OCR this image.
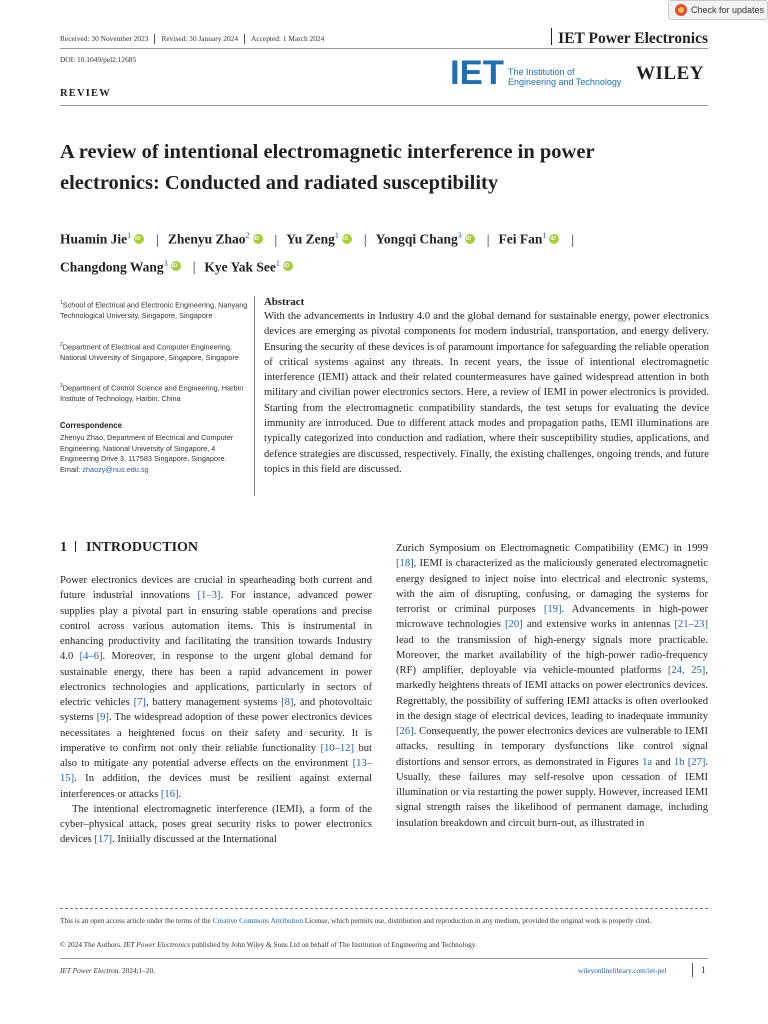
Check for updates
Received: 30 November 2023 Revised: 30 January 2024 Accepted: 1 March 2024	IET Power Electronics
DOI: 10.1049/pel2.12685	IET The Institution of
Engineering and Technology WILEY
REVIEW
A review of intentional electromagnetic interference in power electronics: Conducted and radiated susceptibility
Huamin Jie$^1$ iD | Zhenyu Zhao$^2$ iD | Yu Zeng$^1$ iD | Yongqi Chang$^3$ iD | Fei Fan$^1$iD |
Changdong Wang$^3$ iD | Kye Yak See$^1$iD
$^1$School of Electrical and Electronic Engineering, Nanyang Technological University, Singapore, Singapore
$^2$Department of Electrical and Computer Engineering, National University of Singapore, Singapore, Singapore
$^3$Department of Control Science and Engineering, Harbin Institute of Technology, Harbin, China
Correspondence
Zhenyu Zhao, Department of Electrical and Computer Engineering, National University of Singapore, 4 Engineering Drive 3, 117583 Singapore, Singapore.
Email: zhaozy@nus.edu.sg
Abstract
With the advancements in Industry 4.0 and the global demand for sustainable energy, power electronics devices are emerging as pivotal components for modern industrial, transportation, and energy delivery. Ensuring the security of these devices is of paramount importance for safeguarding the reliable operation of critical systems against any threats. In recent years, the issue of intentional electromagnetic interference (IEMI) attack and their related countermeasures have gained widespread attention in both military and civilian power electronics sectors. Here, a review of IEMI in power electronics is provided. Starting from the electromagnetic compatibility standards, the test setups for evaluating the device immunity are introduced. Due to different attack modes and propagation paths, IEMI illuminations are typically categorized into conduction and radiation, where their susceptibility studies, applications, and defence strategies are discussed, respectively. Finally, the existing challenges, ongoing trends, and future topics in this field are discussed.
1 INTRODUCTION

Power electronics devices are crucial in spearheading both current and future industrial innovations [1–3]. For instance, advanced power supplies play a pivotal part in ensuring stable operations and precise control across various automation items. This is instrumental in enhancing productivity and facilitating the transition towards Industry 4.0 [4–6]. Moreover, in response to the urgent global demand for sustainable energy, there has been a rapid advancement in power electronics technologies and applications, particularly in sectors of electric vehicles [7], battery management systems [8], and photovoltaic systems [9]. The widespread adoption of these power electronics devices necessitates a heightened focus on their safety and security. It is imperative to confirm not only their reliable functionality [10–12] but also to mitigate any potential adverse effects on the environment [13–15]. In addition, the devices must be resilient against external interferences or attacks [16].

The intentional electromagnetic interference (IEMI), a form of the cyber–physical attack, poses great security risks to power electronics devices [17]. Initially discussed at the International

Zurich Symposium on Electromagnetic Compatibility (EMC) in 1999 [18], IEMI is characterized as the maliciously generated electromagnetic energy designed to inject noise into electrical and electronic systems, with the aim of disrupting, confusing, or damaging the systems for terrorist or criminal purposes [19]. Advancements in high-power microwave technologies [20] and extensive works in antennas [21–23] lead to the transmission of high-energy signals more practicable. Moreover, the market availability of the high-power radio-frequency (RF) amplifier, deployable via vehicle-mounted platforms [24, 25], markedly heightens threats of IEMI attacks on power electronics devices. Regrettably, the possibility of suffering IEMI attacks is often overlooked in the design stage of electrical devices, leading to inadequate immunity [26]. Consequently, the power electronics devices are vulnerable to IEMI attacks, resulting in temporary dysfunctions like control signal distortions and sensor errors, as demonstrated in Figures 1a and 1b [27]. Usually, these failures may self-resolve upon cessation of IEMI illumination or via restarting the power supply. However, increased IEMI signal strength raises the likelihood of permanent damage, including insulation breakdown and circuit burn-out, as illustrated in

This is an open access article under the terms of the Creative Commons Attribution License, which permits use, distribution and reproduction in any medium, provided the original work is properly cited.
© 2024 The Authors. IET Power Electronics published by John Wiley & Sons Ltd on behalf of The Institution of Engineering and Technology.
IET Power Electron. 2024;1–20.	wileyonlinelibrary.com/iet-pel	1
